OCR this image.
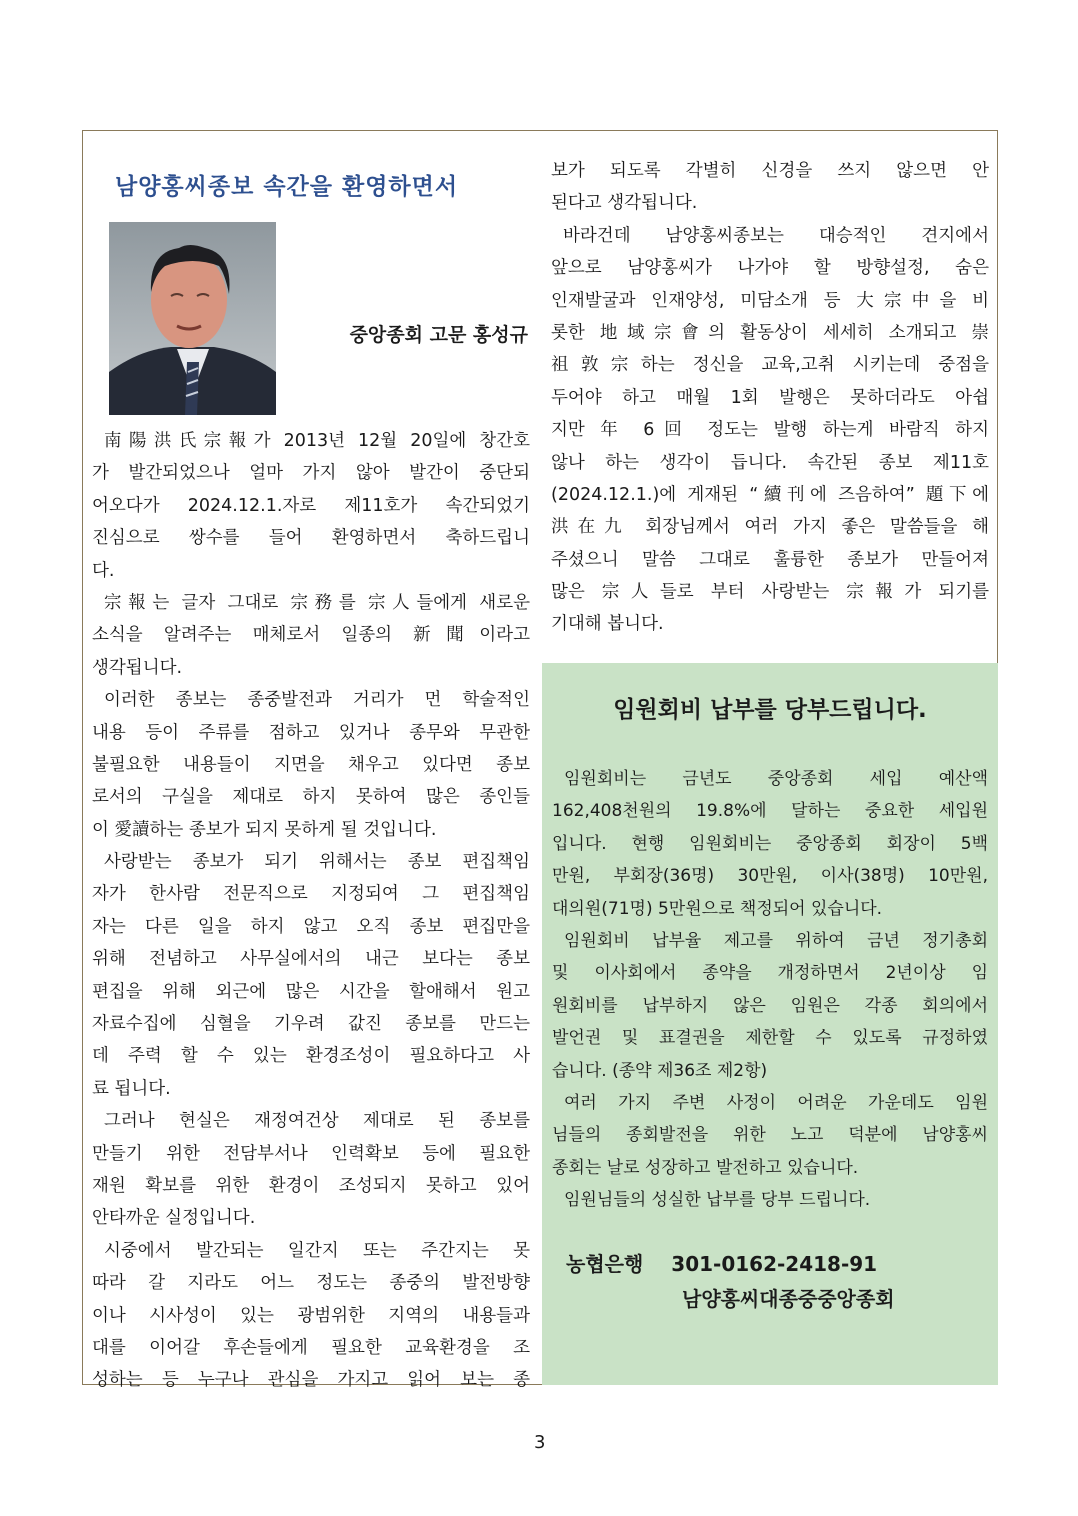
남양홍씨종보 속간을 환영하면서
중앙종회 고문 홍성규
南陽洪氏宗報가 2013년 12월 20일에 창간호
가 발간되었으나 얼마 가지 않아 발간이 중단되
어오다가 2024.12.1.자로 제11호가 속간되었기
진심으로 쌍수를 들어 환영하면서 축하드립니
다.
宗報는 글자 그대로 宗務를 宗人들에게 새로운
소식을 알려주는 매체로서 일종의 新聞이라고
생각됩니다.
이러한 종보는 종중발전과 거리가 먼 학술적인
내용 등이 주류를 점하고 있거나 종무와 무관한
불필요한 내용들이 지면을 채우고 있다면 종보
로서의 구실을 제대로 하지 못하여 많은 종인들
이 愛讀하는 종보가 되지 못하게 될 것입니다.
사랑받는 종보가 되기 위해서는 종보 편집책임
자가 한사람 전문직으로 지정되여 그 편집책임
자는 다른 일을 하지 않고 오직 종보 편집만을
위해 전념하고 사무실에서의 내근 보다는 종보
편집을 위해 외근에 많은 시간을 할애해서 원고
자료수집에 심혈을 기우려 값진 종보를 만드는
데 주력 할 수 있는 환경조성이 필요하다고 사
료 됩니다.
그러나 현실은 재정여건상 제대로 된 종보를
만들기 위한 전담부서나 인력확보 등에 필요한
재원 확보를 위한 환경이 조성되지 못하고 있어
안타까운 실정입니다.
시중에서 발간되는 일간지 또는 주간지는 못
따라 갈 지라도 어느 정도는 종중의 발전방향
이나 시사성이 있는 광범위한 지역의 내용들과
대를 이어갈 후손들에게 필요한 교육환경을 조
성하는 등 누구나 관심을 가지고 읽어 보는 종
보가 되도록 각별히 신경을 쓰지 않으면 안
된다고 생각됩니다.
바라건데 남양홍씨종보는 대승적인 견지에서
앞으로 남양홍씨가 나가야 할 방향설정, 숨은
인재발굴과 인재양성, 미담소개 등 大宗中을 비
롯한 地域宗會의 활동상이 세세히 소개되고 崇
祖敦宗하는 정신을 교육,고취 시키는데 중점을
두어야 하고 매월 1회 발행은 못하더라도 아쉽
지만 年 6回 정도는 발행 하는게 바람직 하지
않나 하는 생각이 듭니다. 속간된 종보 제11호
(2024.12.1.)에 게재된 “續刊에 즈음하여” 題下에
洪在九 회장님께서 여러 가지 좋은 말씀들을 해
주셨으니 말씀 그대로 훌륭한 종보가 만들어져
많은 宗人들로 부터 사랑받는 宗報가 되기를
기대해 봅니다.
임원회비 납부를 당부드립니다.
임원회비는 금년도 중앙종회 세입 예산액
162,408천원의 19.8%에 달하는 중요한 세입원
입니다. 현행 임원회비는 중앙종회 회장이 5백
만원, 부회장(36명) 30만원, 이사(38명) 10만원,
대의원(71명) 5만원으로 책정되어 있습니다.
임원회비 납부율 제고를 위하여 금년 정기총회
및 이사회에서 종약을 개정하면서 2년이상 임
원회비를 납부하지 않은 임원은 각종 회의에서
발언권 및 표결권을 제한할 수 있도록 규정하였
습니다. (종약 제36조 제2항)
여러 가지 주변 사정이 어려운 가운데도 임원
님들의 종회발전을 위한 노고 덕분에 남양홍씨
종회는 날로 성장하고 발전하고 있습니다.
임원님들의 성실한 납부를 당부 드립니다.
농협은행 301-0162-2418-91
남양홍씨대종중중앙종회
3
